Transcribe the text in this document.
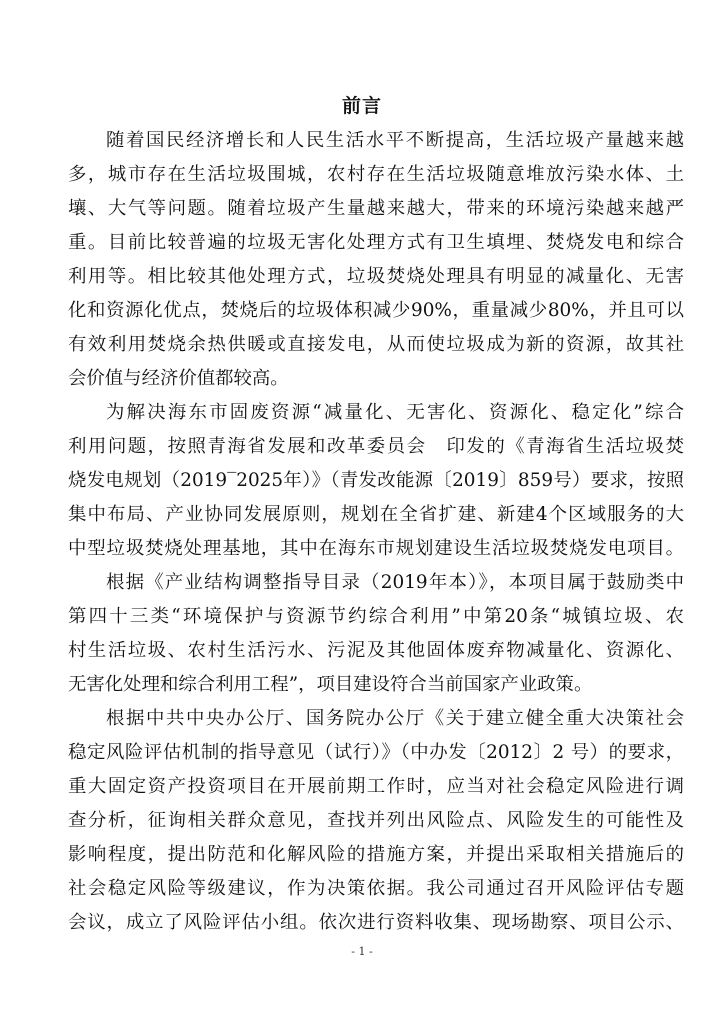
前言
随着国民经济增长和人民生活水平不断提高，生活垃圾产量越来越
多，城市存在生活垃圾围城，农村存在生活垃圾随意堆放污染水体、土
壤、大气等问题。随着垃圾产生量越来越大，带来的环境污染越来越严
重。目前比较普遍的垃圾无害化处理方式有卫生填埋、焚烧发电和综合
利用等。相比较其他处理方式，垃圾焚烧处理具有明显的减量化、无害
化和资源化优点，焚烧后的垃圾体积减少90%，重量减少80%，并且可以
有效利用焚烧余热供暖或直接发电，从而使垃圾成为新的资源，故其社
会价值与经济价值都较高。
为解决海东市固废资源“减量化、无害化、资源化、稳定化”综合
利用问题，按照青海省发展和改革委员会　印发的《青海省生活垃圾焚
烧发电规划（2019‾2025年）》（青发改能源〔2019〕859号）要求，按照
集中布局、产业协同发展原则，规划在全省扩建、新建4个区域服务的大
中型垃圾焚烧处理基地，其中在海东市规划建设生活垃圾焚烧发电项目。
根据《产业结构调整指导目录（2019年本）》，本项目属于鼓励类中
第四十三类“环境保护与资源节约综合利用”中第20条“城镇垃圾、农
村生活垃圾、农村生活污水、污泥及其他固体废弃物减量化、资源化、
无害化处理和综合利用工程”，项目建设符合当前国家产业政策。
根据中共中央办公厅、国务院办公厅《关于建立健全重大决策社会
稳定风险评估机制的指导意见（试行）》（中办发〔2012〕2 号）的要求，
重大固定资产投资项目在开展前期工作时，应当对社会稳定风险进行调
查分析，征询相关群众意见，查找并列出风险点、风险发生的可能性及
影响程度，提出防范和化解风险的措施方案，并提出采取相关措施后的
社会稳定风险等级建议，作为决策依据。我公司通过召开风险评估专题
会议，成立了风险评估小组。依次进行资料收集、现场勘察、项目公示、
- 1 -
